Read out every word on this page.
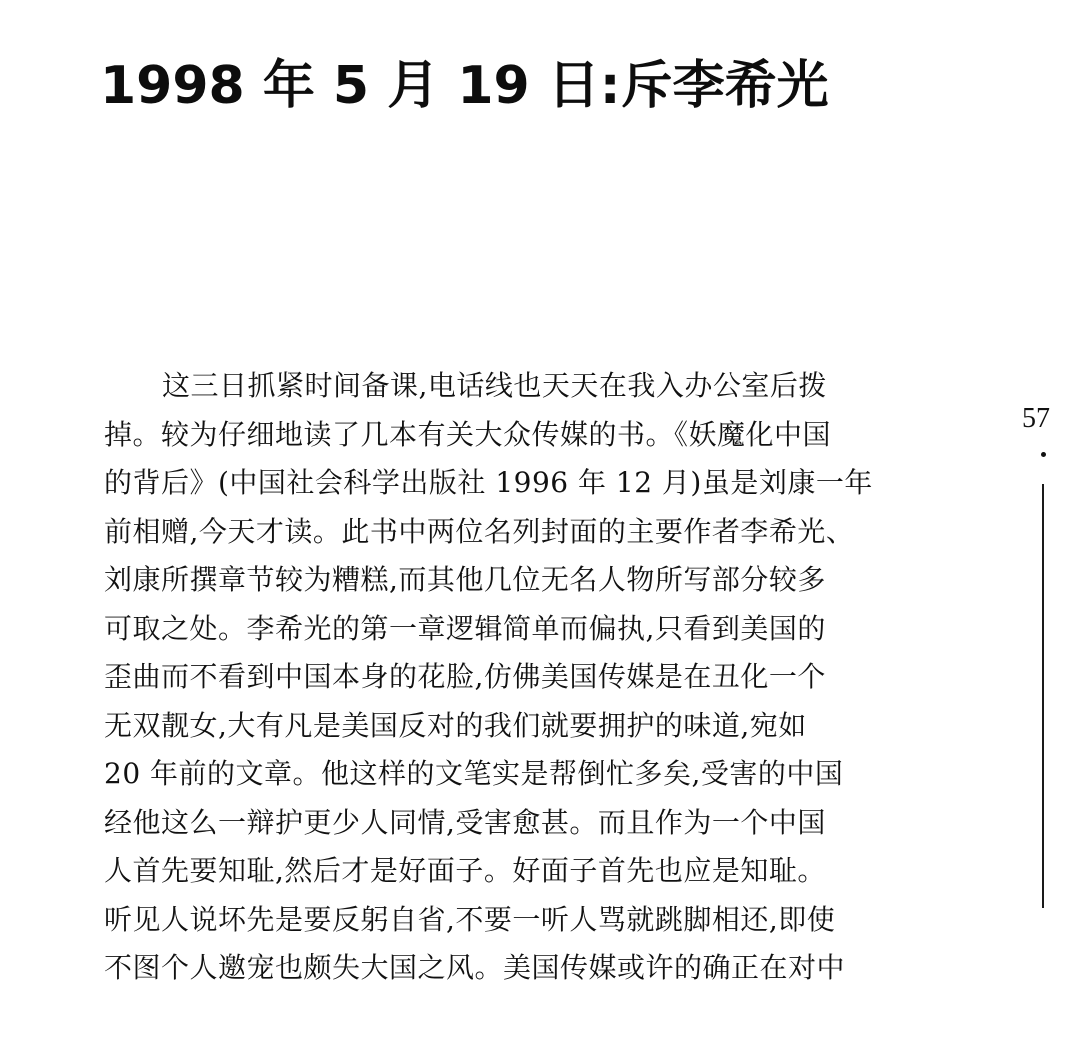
1998 年 5 月 19 日:斥李希光
这三日抓紧时间备课,电话线也天天在我入办公室后拨
掉。较为仔细地读了几本有关大众传媒的书。《妖魔化中国
的背后》(中国社会科学出版社 1996 年 12 月)虽是刘康一年
前相赠,今天才读。此书中两位名列封面的主要作者李希光、
刘康所撰章节较为糟糕,而其他几位无名人物所写部分较多
可取之处。李希光的第一章逻辑简单而偏执,只看到美国的
歪曲而不看到中国本身的花脸,仿佛美国传媒是在丑化一个
无双靓女,大有凡是美国反对的我们就要拥护的味道,宛如
20 年前的文章。他这样的文笔实是帮倒忙多矣,受害的中国
经他这么一辩护更少人同情,受害愈甚。而且作为一个中国
人首先要知耻,然后才是好面子。好面子首先也应是知耻。
听见人说坏先是要反躬自省,不要一听人骂就跳脚相还,即使
不图个人邀宠也颇失大国之风。美国传媒或许的确正在对中
57
